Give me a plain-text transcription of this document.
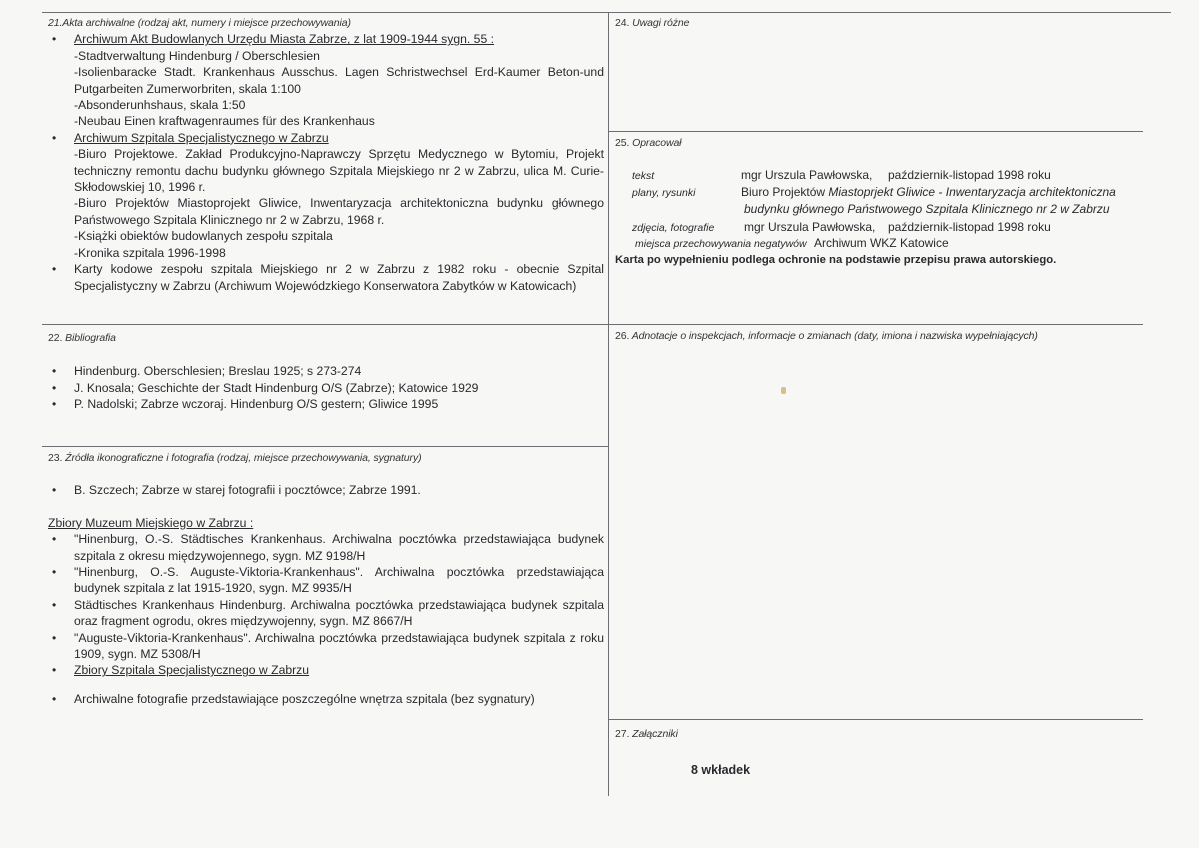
21.Akta archiwalne (rodzaj akt, numery i miejsce przechowywania)
• Archiwum Akt Budowlanych Urzędu Miasta Zabrze, z lat 1909-1944 sygn. 55 :
-Stadtverwaltung Hindenburg / Oberschlesien
-Isolienbaracke Stadt. Krankenhaus Ausschus. Lagen Schristwechsel Erd-Kaumer Beton-und Putgarbeiten Zumerworbriten, skala 1:100
-Absonderunhshaus, skala 1:50
-Neubau Einen kraftwagenraumes für des Krankenhaus
• Archiwum Szpitala Specjalistycznego w Zabrzu
-Biuro Projektowe. Zakład Produkcyjno-Naprawczy Sprzętu Medycznego w Bytomiu, Projekt techniczny remontu dachu budynku głównego Szpitala Miejskiego nr 2 w Zabrzu, ulica M. Curie-Skłodowskiej 10, 1996 r.
-Biuro Projektów Miastoprojekt Gliwice, Inwentaryzacja architektoniczna budynku głównego Państwowego Szpitala Klinicznego nr 2 w Zabrzu, 1968 r.
-Książki obiektów budowlanych zespołu szpitala
-Kronika szpitala 1996-1998
• Karty kodowe zespołu szpitala Miejskiego nr 2 w Zabrzu z 1982 roku - obecnie Szpital Specjalistyczny w Zabrzu (Archiwum Wojewódzkiego Konserwatora Zabytków w Katowicach)
22. Bibliografia
• Hindenburg. Oberschlesien; Breslau 1925; s 273-274
• J. Knosala; Geschichte der Stadt Hindenburg O/S (Zabrze); Katowice 1929
• P. Nadolski; Zabrze wczoraj. Hindenburg O/S gestern; Gliwice 1995
23. Źródła ikonograficzne i fotografia (rodzaj, miejsce przechowywania, sygnatury)
• B. Szczech; Zabrze w starej fotografii i pocztówce; Zabrze 1991.
Zbiory Muzeum Miejskiego w Zabrzu :
• "Hinenburg, O.-S. Städtisches Krankenhaus. Archiwalna pocztówka przedstawiająca budynek szpitala z okresu międzywojennego, sygn. MZ 9198/H
• "Hinenburg, O.-S. Auguste-Viktoria-Krankenhaus". Archiwalna pocztówka przedstawiająca budynek szpitala z lat 1915-1920, sygn. MZ 9935/H
• Städtisches Krankenhaus Hindenburg. Archiwalna pocztówka przedstawiająca budynek szpitala oraz fragment ogrodu, okres międzywojenny, sygn. MZ 8667/H
• "Auguste-Viktoria-Krankenhaus". Archiwalna pocztówka przedstawiająca budynek szpitala z roku 1909, sygn. MZ 5308/H
• Zbiory Szpitala Specjalistycznego w Zabrzu
• Archiwalne fotografie przedstawiające poszczególne wnętrza szpitala (bez sygnatury)
24. Uwagi różne
25. Opracował
tekst	mgr Urszula Pawłowska, październik-listopad 1998 roku
plany, rysunki	Biuro Projektów Miastoprjekt Gliwice - Inwentaryzacja architektoniczna
budynku głównego Państwowego Szpitala Klinicznego nr 2 w Zabrzu
zdjęcia, fotografie mgr Urszula Pawłowska, październik-listopad 1998 roku
miejsca przechowywania negatywów Archiwum WKZ Katowice
Karta po wypełnieniu podlega ochronie na podstawie przepisu prawa autorskiego.
26. Adnotacje o inspekcjach, informacje o zmianach (daty, imiona i nazwiska wypełniających)
27. Załączniki
8 wkładek
